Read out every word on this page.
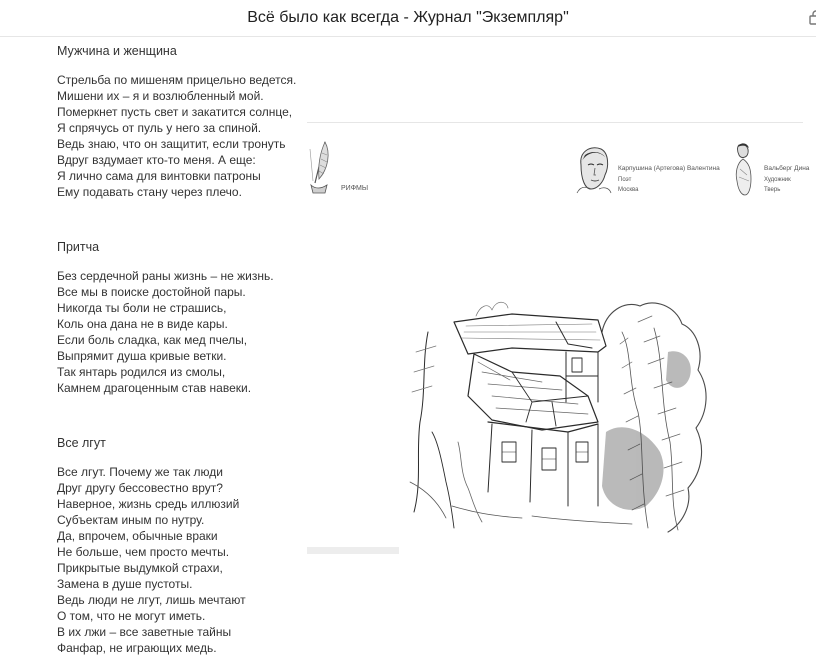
Всё было как всегда - Журнал "Экземпляр"
Мужчина и женщина
Стрельба по мишеням прицельно ведется.
Мишени их – я и возлюбленный мой.
Померкнет пусть свет и закатится солнце,
Я спрячусь от пуль у него за спиной.
Ведь знаю, что он защитит, если тронуть
Вдруг вздумает кто-то меня. А еще:
Я лично сама для винтовки патроны
Ему подавать стану через плечо.
Притча
Без сердечной раны жизнь – не жизнь.
Все мы в поиске достойной пары.
Никогда ты боли не страшись,
Коль она дана не в виде кары.
Если боль сладка, как мед пчелы,
Выпрямит душа кривые ветки.
Так янтарь родился из смолы,
Камнем драгоценным став навеки.
Все лгут
Все лгут. Почему же так люди
Друг другу бессовестно врут?
Наверное, жизнь средь иллюзий
Субъектам иным по нутру.
Да, впрочем, обычные враки
Не больше, чем просто мечты.
Прикрытые выдумкой страхи,
Замена в душе пустоты.
Ведь люди не лгут, лишь мечтают
О том, что не могут иметь.
В их лжи – все заветные тайны
Фанфар, не играющих медь.
РИФМЫ
Карпушина (Артегова) Валентина
Поэт
Москва
Вальберг Дина
Художник
Тверь
